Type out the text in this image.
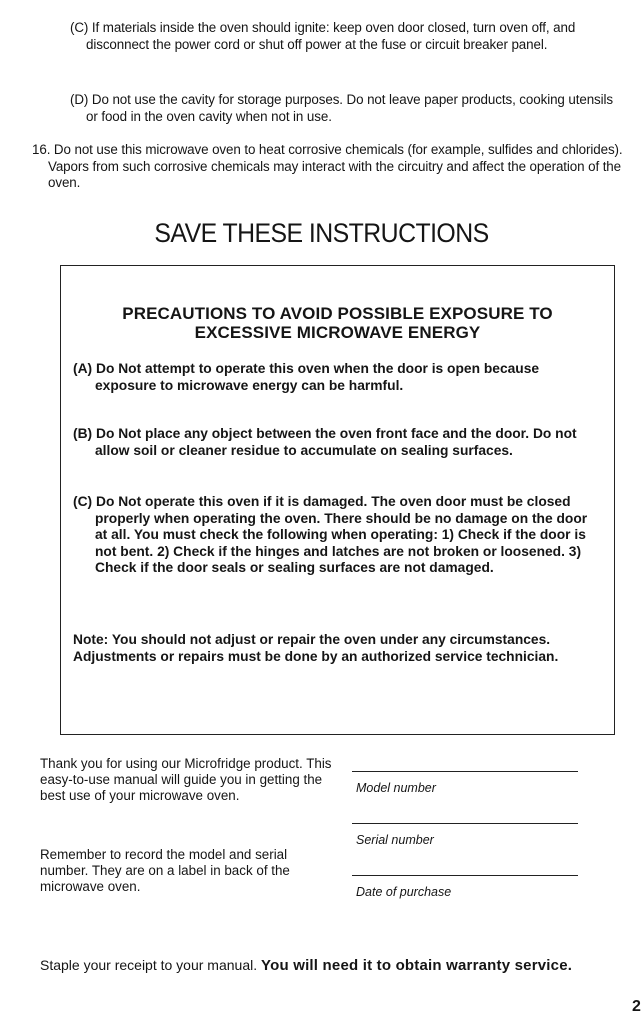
(C) If materials inside the oven should ignite: keep oven door closed, turn oven off, and disconnect the power cord or shut off power at the fuse or circuit breaker panel.
(D) Do not use the cavity for storage purposes. Do not leave paper products, cooking utensils or food in the oven cavity when not in use.
16. Do not use this microwave oven to heat corrosive chemicals (for example, sulfides and chlorides). Vapors from such corrosive chemicals may interact with the circuitry and affect the operation of the oven.
SAVE THESE INSTRUCTIONS
PRECAUTIONS TO AVOID POSSIBLE EXPOSURE TO
EXCESSIVE MICROWAVE ENERGY
(A) Do Not attempt to operate this oven when the door is open because exposure to microwave energy can be harmful.
(B) Do Not place any object between the oven front face and the door. Do not allow soil or cleaner residue to accumulate on sealing surfaces.
(C) Do Not operate this oven if it is damaged. The oven door must be closed properly when operating the oven. There should be no damage on the door at all. You must check the following when operating: 1) Check if the door is not bent. 2) Check if the hinges and latches are not broken or loosened. 3) Check if the door seals or sealing surfaces are not damaged.
Note: You should not adjust or repair the oven under any circumstances. Adjustments or repairs must be done by an authorized service technician.
Thank you for using our Microfridge product. This easy-to-use manual will guide you in getting the best use of your microwave oven.
Remember to record the model and serial number. They are on a label in back of the microwave oven.
Model number
Serial number
Date of purchase
Staple your receipt to your manual. You will need it to obtain warranty service.
2
